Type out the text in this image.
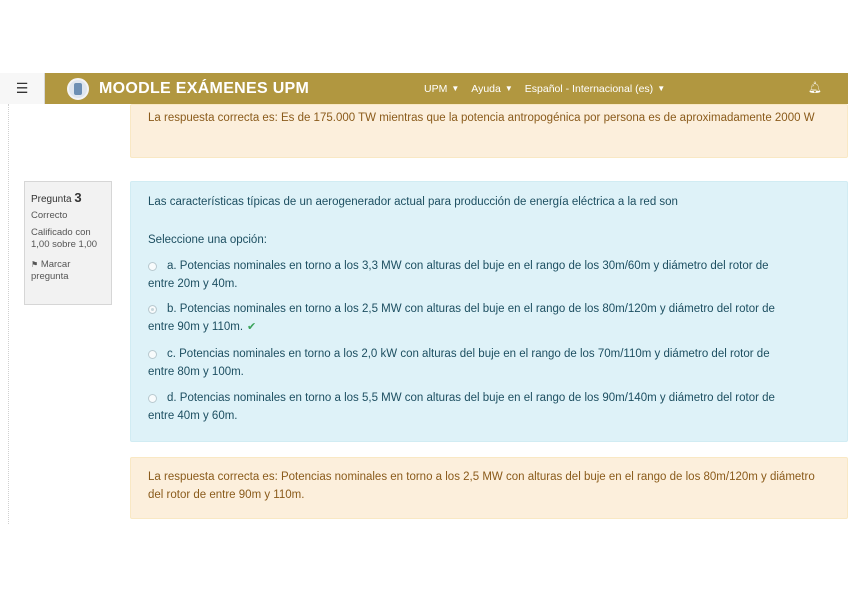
☰	MOODLE EXÁMENES UPM	UPM ▼ Ayuda ▼ Español - Internacional (es) ▼	🔔︎

La respuesta correcta es: Es de 175.000 TW mientras que la potencia antropogénica por persona es de aproximadamente 2000 W

Pregunta 3
Correcto
Calificado con 1,00 sobre 1,00
⚑ Marcar pregunta
Las características típicas de un aerogenerador actual para producción de energía eléctrica a la red son
Seleccione una opción:
a. Potencias nominales en torno a los 3,3 MW con alturas del buje en el rango de los 30m/60m y diámetro del rotor de
entre 20m y 40m.
b. Potencias nominales en torno a los 2,5 MW con alturas del buje en el rango de los 80m/120m y diámetro del rotor de
entre 90m y 110m. ✔
c. Potencias nominales en torno a los 2,0 kW con alturas del buje en el rango de los 70m/110m y diámetro del rotor de
entre 80m y 100m.
d. Potencias nominales en torno a los 5,5 MW con alturas del buje en el rango de los 90m/140m y diámetro del rotor de
entre 40m y 60m.

La respuesta correcta es: Potencias nominales en torno a los 2,5 MW con alturas del buje en el rango de los 80m/120m y diámetro del rotor de entre 90m y 110m.
